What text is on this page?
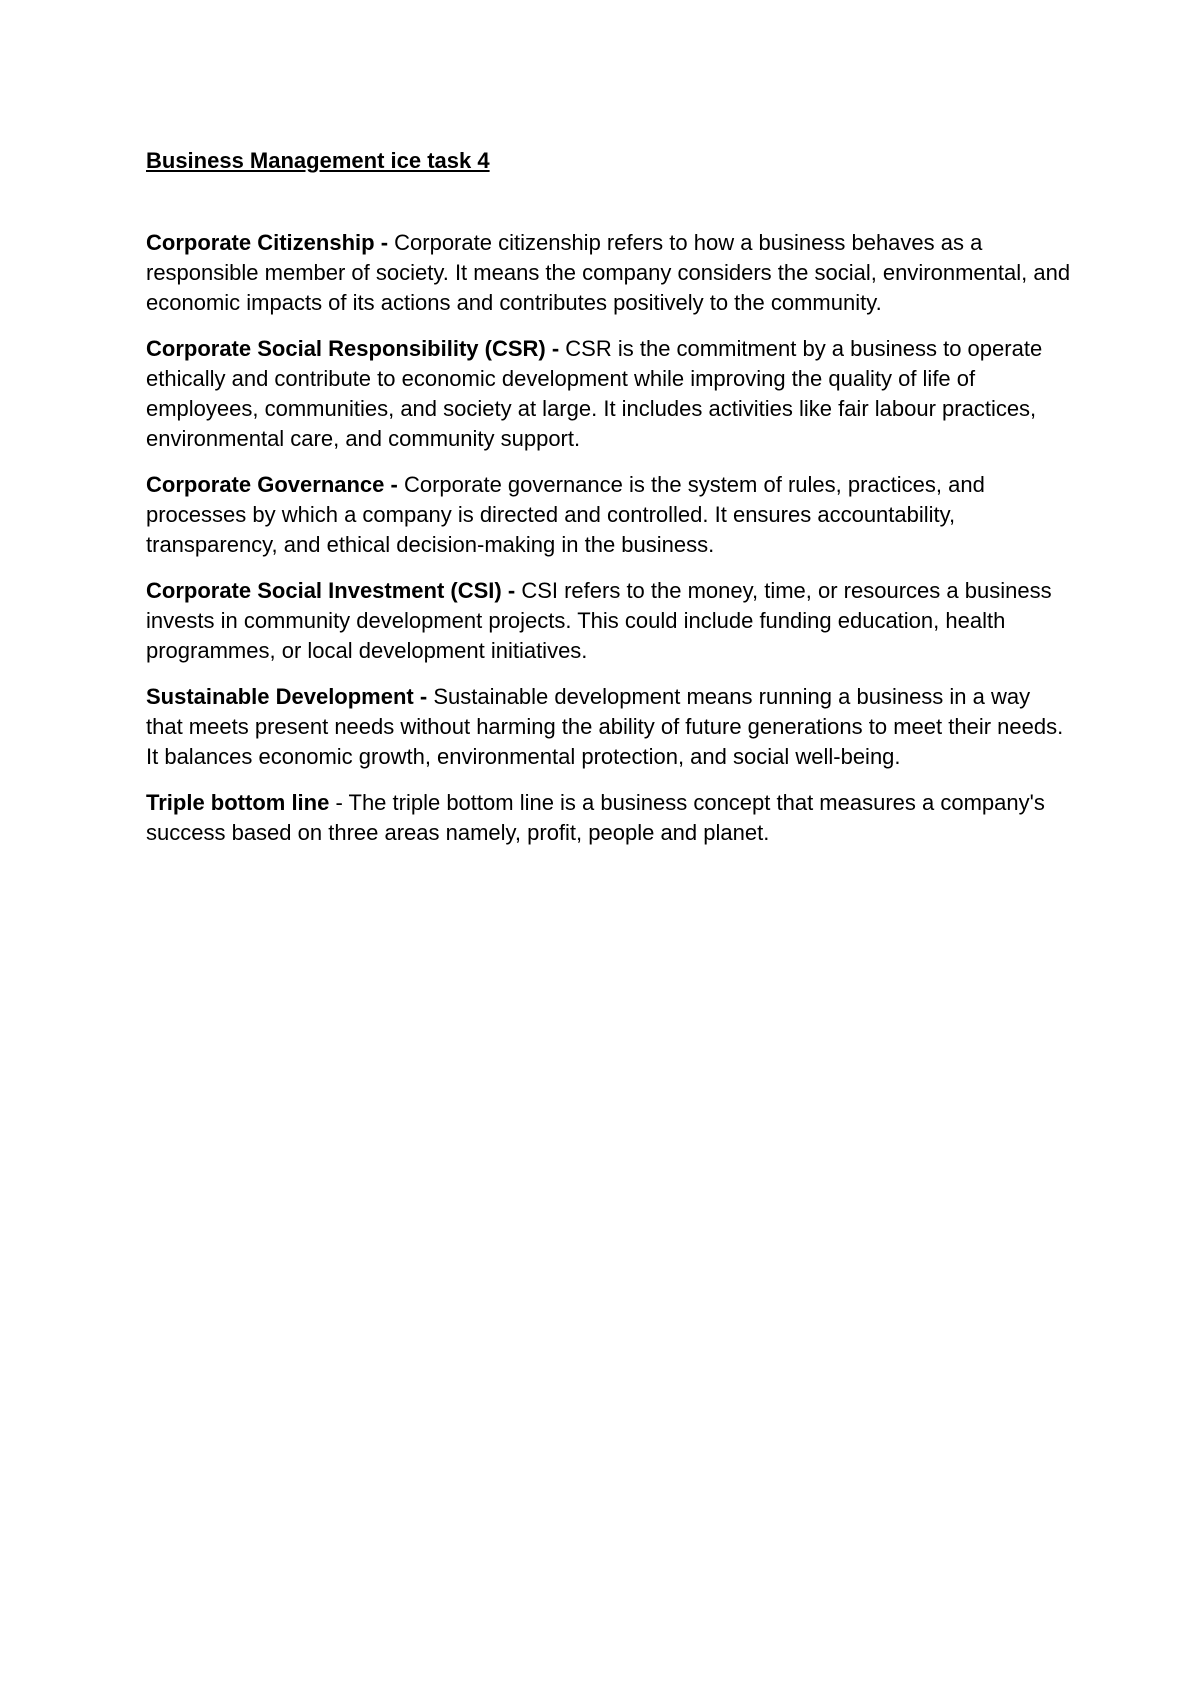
Business Management ice task 4

Corporate Citizenship - Corporate citizenship refers to how a business behaves as a responsible member of society. It means the company considers the social, environmental, and economic impacts of its actions and contributes positively to the community.

Corporate Social Responsibility (CSR) - CSR is the commitment by a business to operate ethically and contribute to economic development while improving the quality of life of employees, communities, and society at large. It includes activities like fair labour practices, environmental care, and community support.

Corporate Governance - Corporate governance is the system of rules, practices, and processes by which a company is directed and controlled. It ensures accountability, transparency, and ethical decision-making in the business.

Corporate Social Investment (CSI) - CSI refers to the money, time, or resources a business invests in community development projects. This could include funding education, health programmes, or local development initiatives.

Sustainable Development - Sustainable development means running a business in a way that meets present needs without harming the ability of future generations to meet their needs. It balances economic growth, environmental protection, and social well-being.

Triple bottom line - The triple bottom line is a business concept that measures a company's success based on three areas namely, profit, people and planet.
